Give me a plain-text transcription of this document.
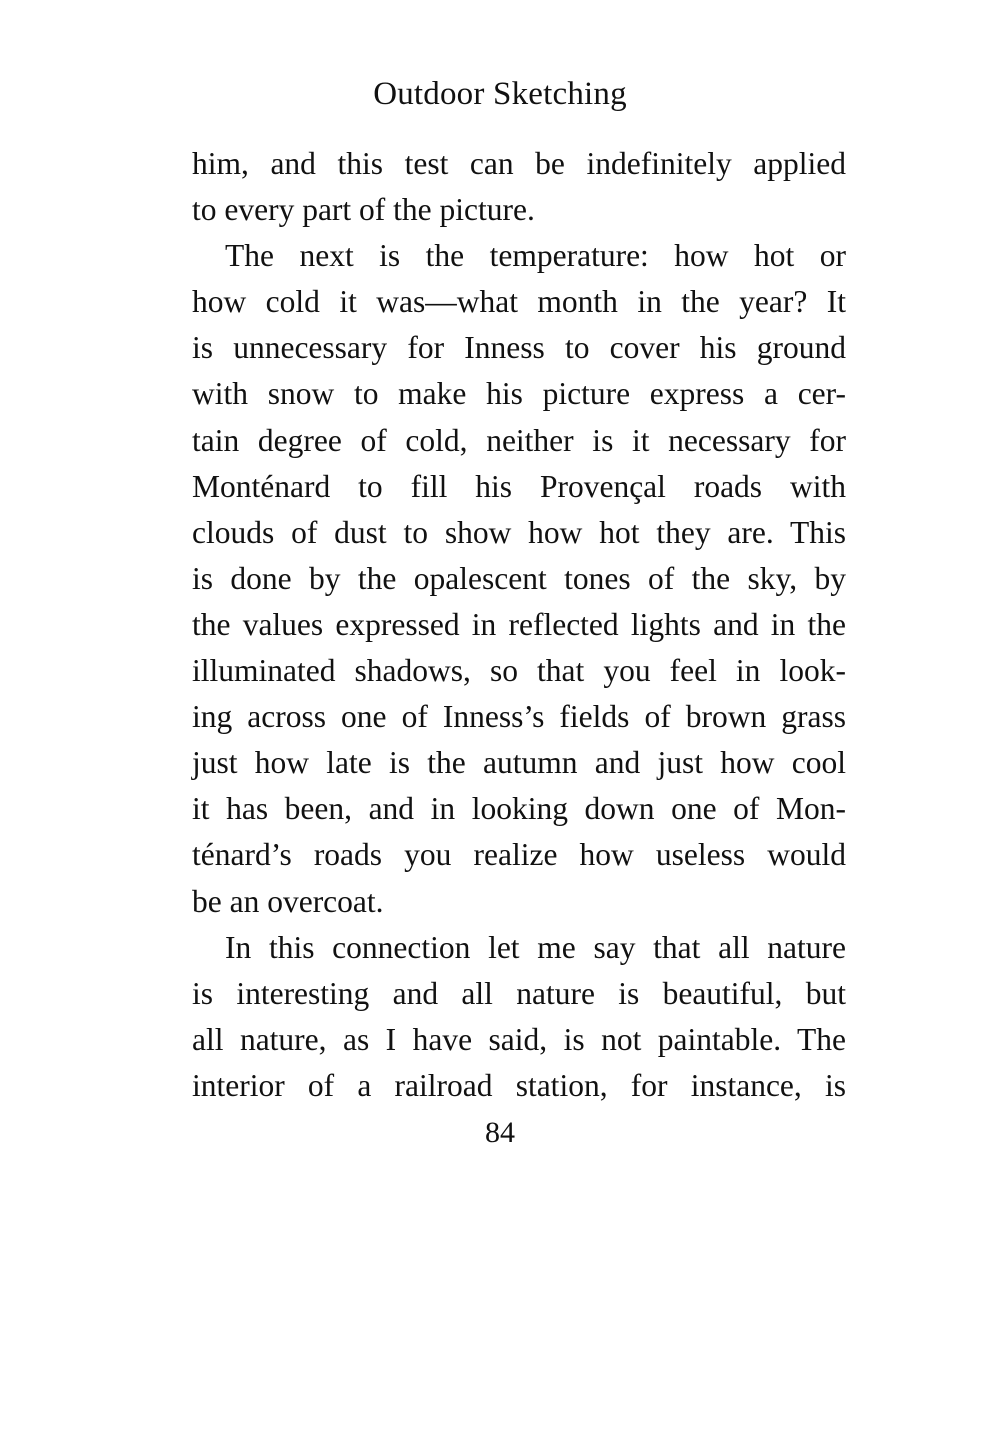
Outdoor Sketching
him, and this test can be indefinitely applied
to every part of the picture.
The next is the temperature: how hot or
how cold it was—what month in the year? It
is unnecessary for Inness to cover his ground
with snow to make his picture express a cer-
tain degree of cold, neither is it necessary for
Monténard to fill his Provençal roads with
clouds of dust to show how hot they are. This
is done by the opalescent tones of the sky, by
the values expressed in reflected lights and in the
illuminated shadows, so that you feel in look-
ing across one of Inness’s fields of brown grass
just how late is the autumn and just how cool
it has been, and in looking down one of Mon-
ténard’s roads you realize how useless would
be an overcoat.
In this connection let me say that all nature
is interesting and all nature is beautiful, but
all nature, as I have said, is not paintable. The
interior of a railroad station, for instance, is
84
